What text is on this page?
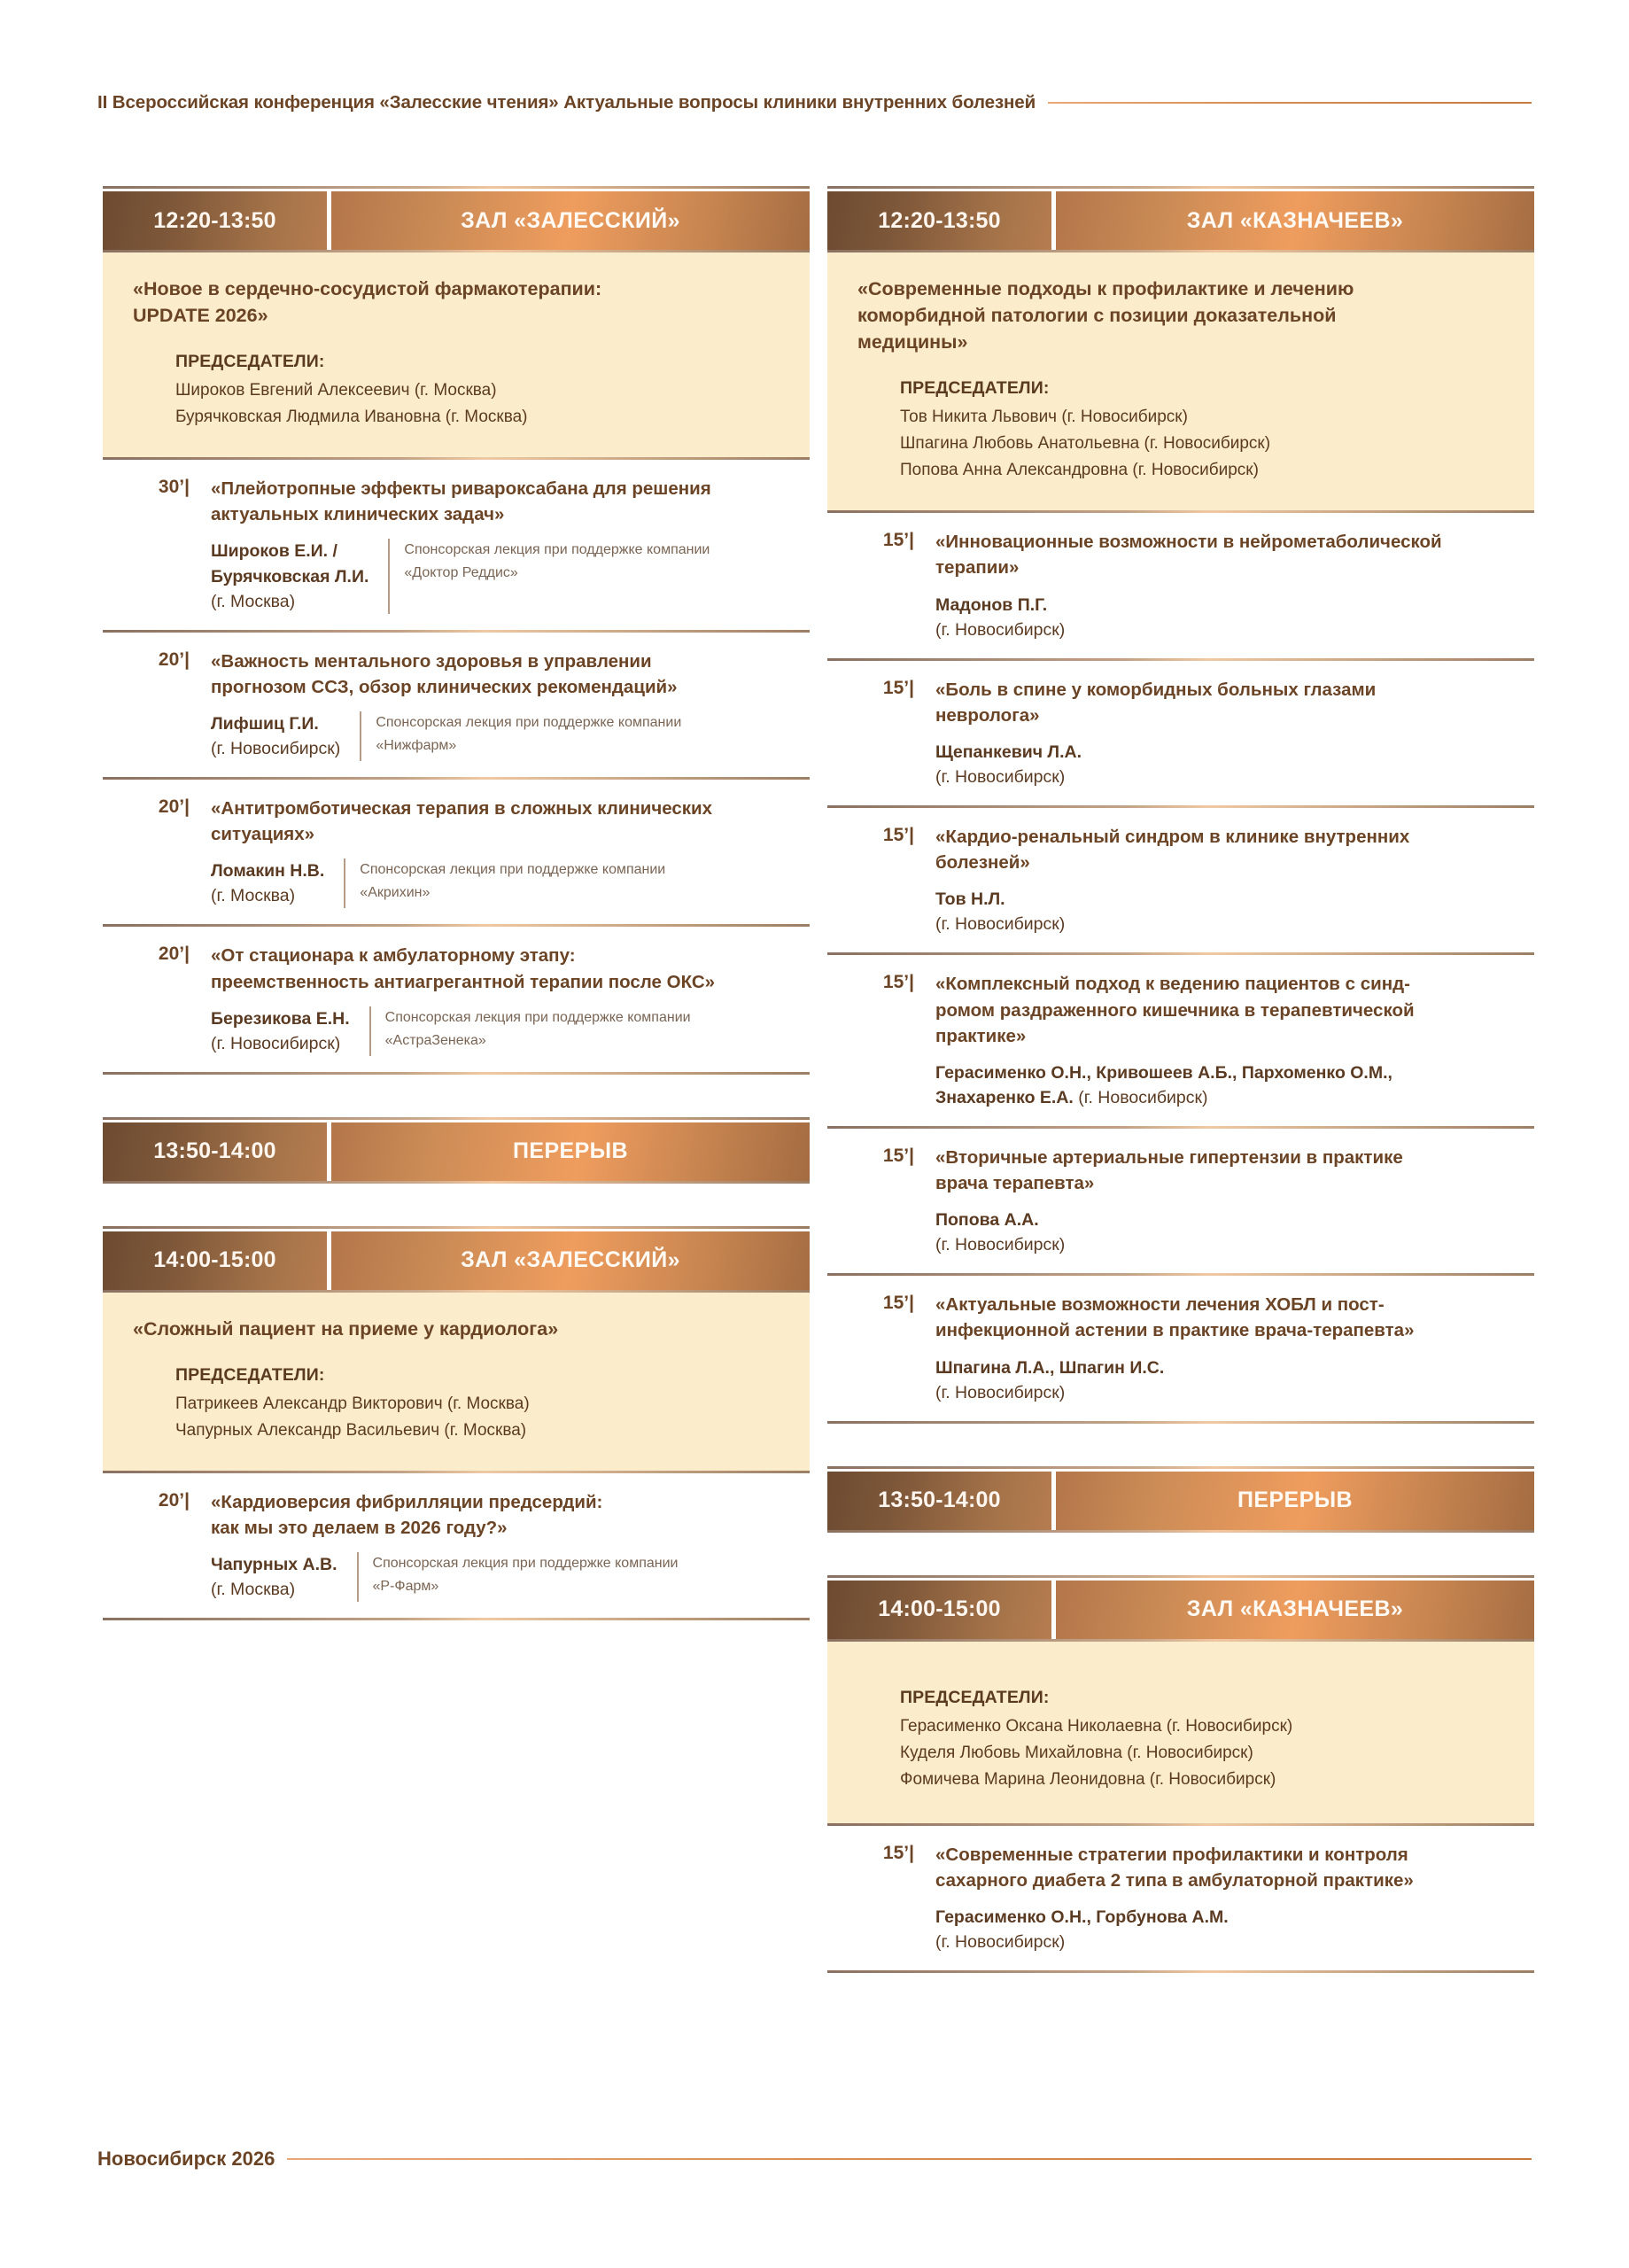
II Всероссийская конференция «Залесские чтения» Актуальные вопросы клиники внутренних болезней
12:20-13:50	ЗАЛ «ЗАЛЕССКИЙ»
«Новое в сердечно-сосудистой фармакотерапии:
UPDATE 2026»
ПРЕДСЕДАТЕЛИ:
Широков Евгений Алексеевич (г. Москва)
Бурячковская Людмила Ивановна (г. Москва)
30’|	«Плейотропные эффекты ривароксабана для решения
актуальных клинических задач»
Широков Е.И. /
Бурячковская Л.И.
(г. Москва)
Спонсорская лекция при поддержке компании
«Доктор Реддис»
20’|	«Важность ментального здоровья в управлении
прогнозом ССЗ, обзор клинических рекомендаций»
Лифшиц Г.И.
(г. Новосибирск)
Спонсорская лекция при поддержке компании
«Нижфарм»
20’|	«Антитромботическая терапия в сложных клинических
ситуациях»
Ломакин Н.В.
(г. Москва)
Спонсорская лекция при поддержке компании
«Акрихин»
20’|	«От стационара к амбулаторному этапу:
преемственность антиагрегантной терапии после ОКС»
Березикова Е.Н.
(г. Новосибирск)
Спонсорская лекция при поддержке компании
«АстраЗенека»
13:50-14:00	ПЕРЕРЫВ
14:00-15:00	ЗАЛ «ЗАЛЕССКИЙ»
«Сложный пациент на приеме у кардиолога»
ПРЕДСЕДАТЕЛИ:
Патрикеев Александр Викторович (г. Москва)
Чапурных Александр Васильевич (г. Москва)
20’|	«Кардиоверсия фибрилляции предсердий:
как мы это делаем в 2026 году?»
Чапурных А.В.
(г. Москва)
Спонсорская лекция при поддержке компании
«Р-Фарм»
12:20-13:50	ЗАЛ «КАЗНАЧЕЕВ»
«Современные подходы к профилактике и лечению
коморбидной патологии с позиции доказательной
медицины»
ПРЕДСЕДАТЕЛИ:
Тов Никита Львович (г. Новосибирск)
Шпагина Любовь Анатольевна (г. Новосибирск)
Попова Анна Александровна (г. Новосибирск)
15’|	«Инновационные возможности в нейрометаболической
терапии»
Мадонов П.Г.
(г. Новосибирск)
15’|	«Боль в спине у коморбидных больных глазами
невролога»
Щепанкевич Л.А.
(г. Новосибирск)
15’|	«Кардио-ренальный синдром в клинике внутренних
болезней»
Тов Н.Л.
(г. Новосибирск)
15’|	«Комплексный подход к ведению пациентов с синд-
ромом раздраженного кишечника в терапевтической
практике»
Герасименко О.Н., Кривошеев А.Б., Пархоменко О.М.,
Знахаренко Е.А. (г. Новосибирск)
15’|	«Вторичные артериальные гипертензии в практике
врача терапевта»
Попова А.А.
(г. Новосибирск)
15’|	«Актуальные возможности лечения ХОБЛ и пост-
инфекционной астении в практике врача-терапевта»
Шпагина Л.А., Шпагин И.С.
(г. Новосибирск)
13:50-14:00	ПЕРЕРЫВ
14:00-15:00	ЗАЛ «КАЗНАЧЕЕВ»
ПРЕДСЕДАТЕЛИ:
Герасименко Оксана Николаевна (г. Новосибирск)
Куделя Любовь Михайловна (г. Новосибирск)
Фомичева Марина Леонидовна (г. Новосибирск)
15’|	«Современные стратегии профилактики и контроля
сахарного диабета 2 типа в амбулаторной практике»
Герасименко О.Н., Горбунова А.М.
(г. Новосибирск)
Новосибирск 2026
